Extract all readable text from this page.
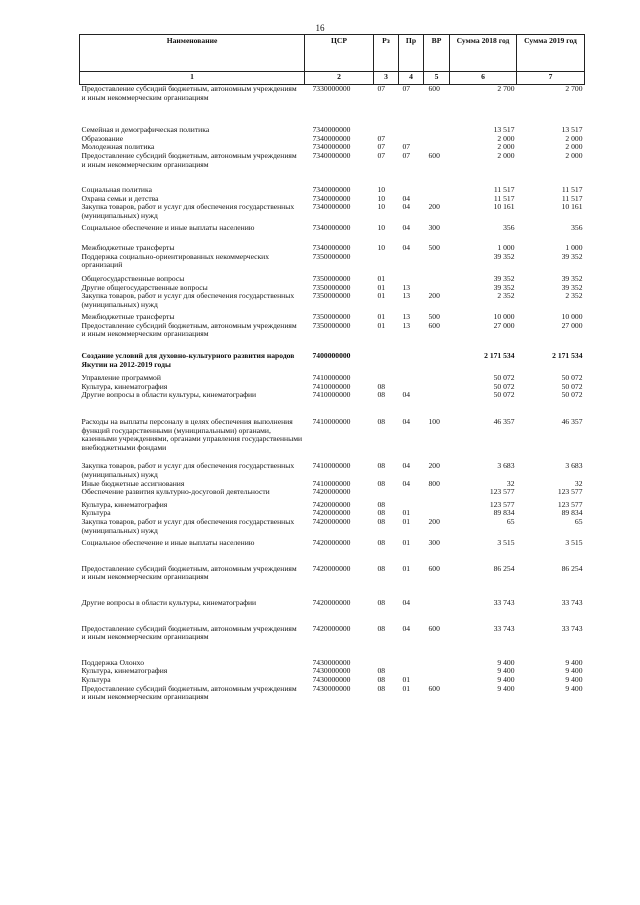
16
Наименование	ЦСР	Рз	Пр	ВР	Сумма 2018 год	Сумма 2019 год
1	2	3	4	5	6	7
Предоставление субсидий бюджетным, автономным учреждениям и иным некоммерческим организациям	7330000000	07	07	600	2 700	2 700
Семейная и демографическая политика	7340000000				13 517	13 517
Образование	7340000000	07			2 000	2 000
Молодежная политика	7340000000	07	07		2 000	2 000
Предоставление субсидий бюджетным, автономным учреждениям и иным некоммерческим организациям	7340000000	07	07	600	2 000	2 000
Социальная политика	7340000000	10			11 517	11 517
Охрана семьи и детства	7340000000	10	04		11 517	11 517
Закупка товаров, работ и услуг для обеспечения государственных (муниципальных) нужд	7340000000	10	04	200	10 161	10 161
Социальное обеспечение и иные выплаты населению	7340000000	10	04	300	356	356
Межбюджетные трансферты	7340000000	10	04	500	1 000	1 000
Поддержка социально-ориентированных некоммерческих организаций	7350000000				39 352	39 352
Общегосударственные вопросы	7350000000	01			39 352	39 352
Другие общегосударственные вопросы	7350000000	01	13		39 352	39 352
Закупка товаров, работ и услуг для обеспечения государственных (муниципальных) нужд	7350000000	01	13	200	2 352	2 352
Межбюджетные трансферты	7350000000	01	13	500	10 000	10 000
Предоставление субсидий бюджетным, автономным учреждениям и иным некоммерческим организациям	7350000000	01	13	600	27 000	27 000
Создание условий для духовно-культурного развития народов Якутии на 2012-2019 годы	7400000000				2 171 534	2 171 534
Управление программой	7410000000				50 072	50 072
Культура, кинематография	7410000000	08			50 072	50 072
Другие вопросы в области культуры, кинематографии	7410000000	08	04		50 072	50 072
Расходы на выплаты персоналу в целях обеспечения выполнения функций государственными (муниципальными) органами, казенными учреждениями, органами управления государственными внебюджетными фондами	7410000000	08	04	100	46 357	46 357
Закупка товаров, работ и услуг для обеспечения государственных (муниципальных) нужд	7410000000	08	04	200	3 683	3 683
Иные бюджетные ассигнования	7410000000	08	04	800	32	32
Обеспечение развития культурно-досуговой деятельности	7420000000				123 577	123 577
Культура, кинематография	7420000000	08			123 577	123 577
Культура	7420000000	08	01		89 834	89 834
Закупка товаров, работ и услуг для обеспечения государственных (муниципальных) нужд	7420000000	08	01	200	65	65
Социальное обеспечение и иные выплаты населению	7420000000	08	01	300	3 515	3 515
Предоставление субсидий бюджетным, автономным учреждениям и иным некоммерческим организациям	7420000000	08	01	600	86 254	86 254
Другие вопросы в области культуры, кинематографии	7420000000	08	04		33 743	33 743
Предоставление субсидий бюджетным, автономным учреждениям и иным некоммерческим организациям	7420000000	08	04	600	33 743	33 743
Поддержка Олонхо	7430000000				9 400	9 400
Культура, кинематография	7430000000	08			9 400	9 400
Культура	7430000000	08	01		9 400	9 400
Предоставление субсидий бюджетным, автономным учреждениям и иным некоммерческим организациям	7430000000	08	01	600	9 400	9 400
